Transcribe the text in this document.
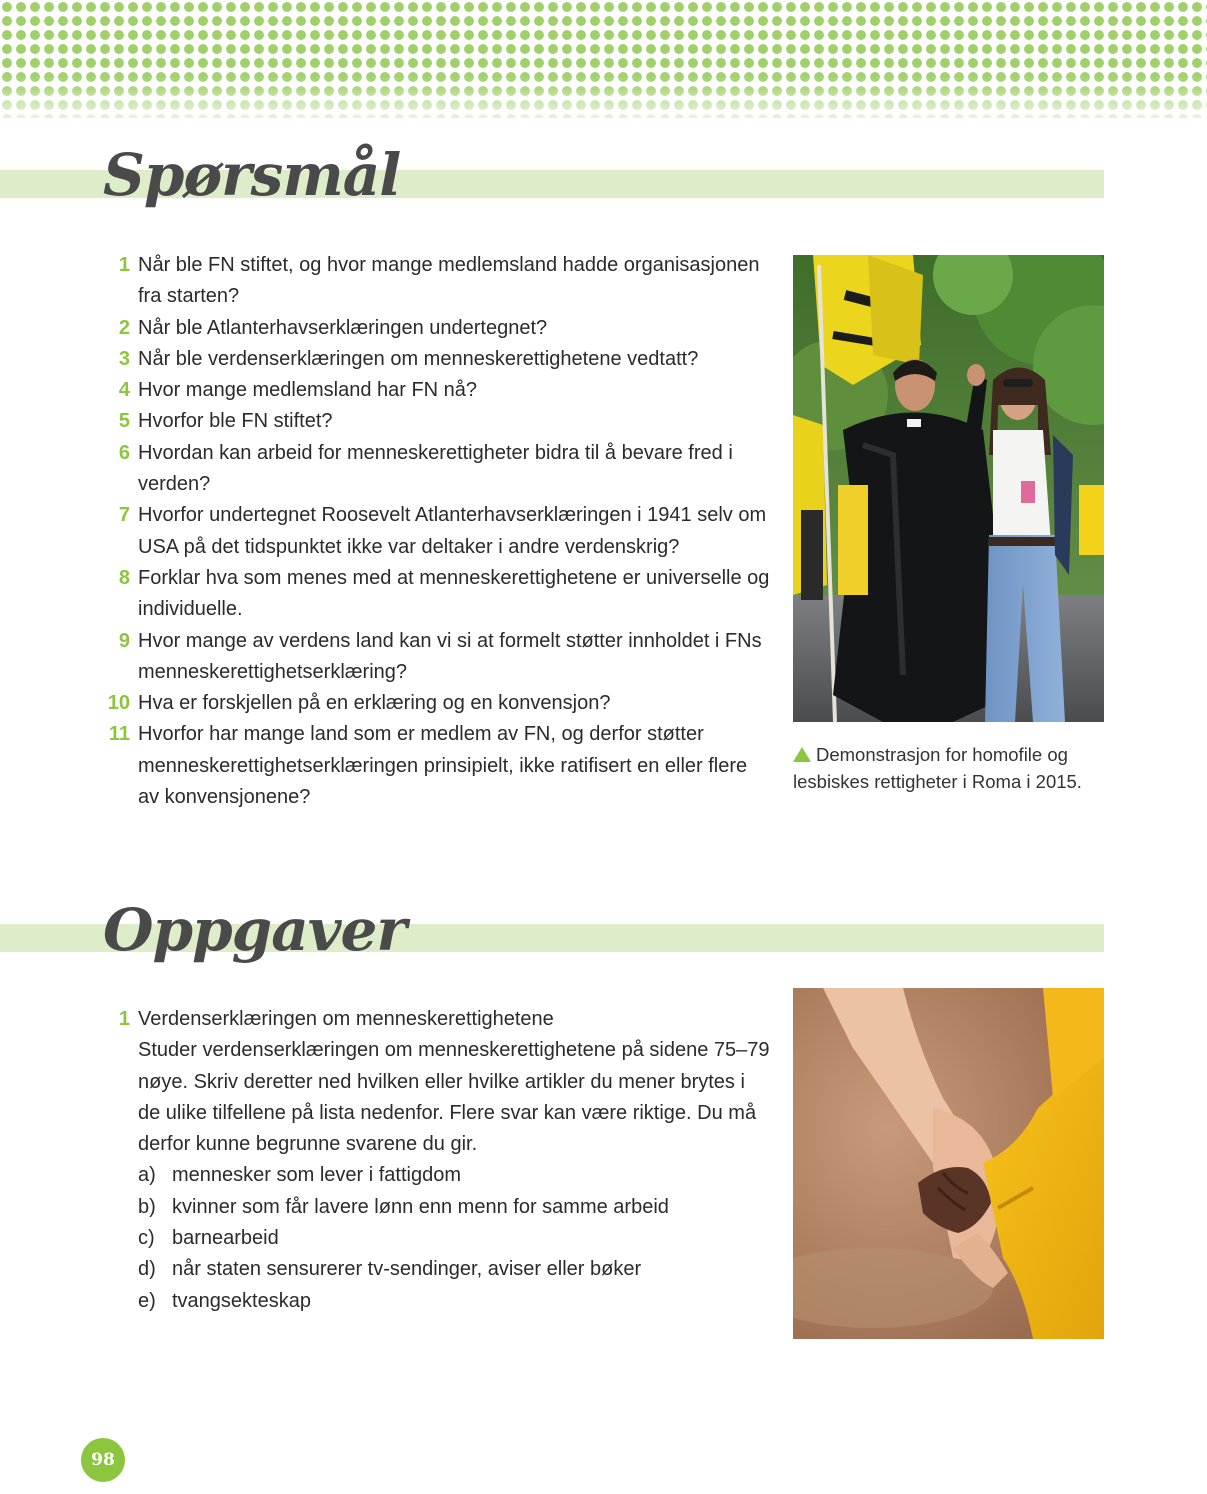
Spørsmål
1 Når ble FN stiftet, og hvor mange medlemsland hadde organisasjonen fra starten?
2 Når ble Atlanterhavserklæringen undertegnet?
3 Når ble verdenserklæringen om menneskerettighetene vedtatt?
4 Hvor mange medlemsland har FN nå?
5 Hvorfor ble FN stiftet?
6 Hvordan kan arbeid for menneskerettigheter bidra til å bevare fred i verden?
7 Hvorfor undertegnet Roosevelt Atlanterhavserklæringen i 1941 selv om USA på det tidspunktet ikke var deltaker i andre verdenskrig?
8 Forklar hva som menes med at menneskerettighetene er universelle og individuelle.
9 Hvor mange av verdens land kan vi si at formelt støtter innholdet i FNs menneskerettighetserklæring?
10 Hva er forskjellen på en erklæring og en konvensjon?
11 Hvorfor har mange land som er medlem av FN, og derfor støtter menneskerettighetserklæringen prinsipielt, ikke ratifisert en eller flere av konvensjonene?
Demonstrasjon for homofile og lesbiskes rettigheter i Roma i 2015.
Oppgaver
1 Verdenserklæringen om menneskerettighetene
Studer verdenserklæringen om menneskerettighetene på sidene 75–79 nøye. Skriv deretter ned hvilken eller hvilke artikler du mener brytes i de ulike tilfellene på lista nedenfor. Flere svar kan være riktige. Du må derfor kunne begrunne svarene du gir.
a) mennesker som lever i fattigdom
b) kvinner som får lavere lønn enn menn for samme arbeid
c) barnearbeid
d) når staten sensurerer tv-sendinger, aviser eller bøker
e) tvangsekteskap
98
